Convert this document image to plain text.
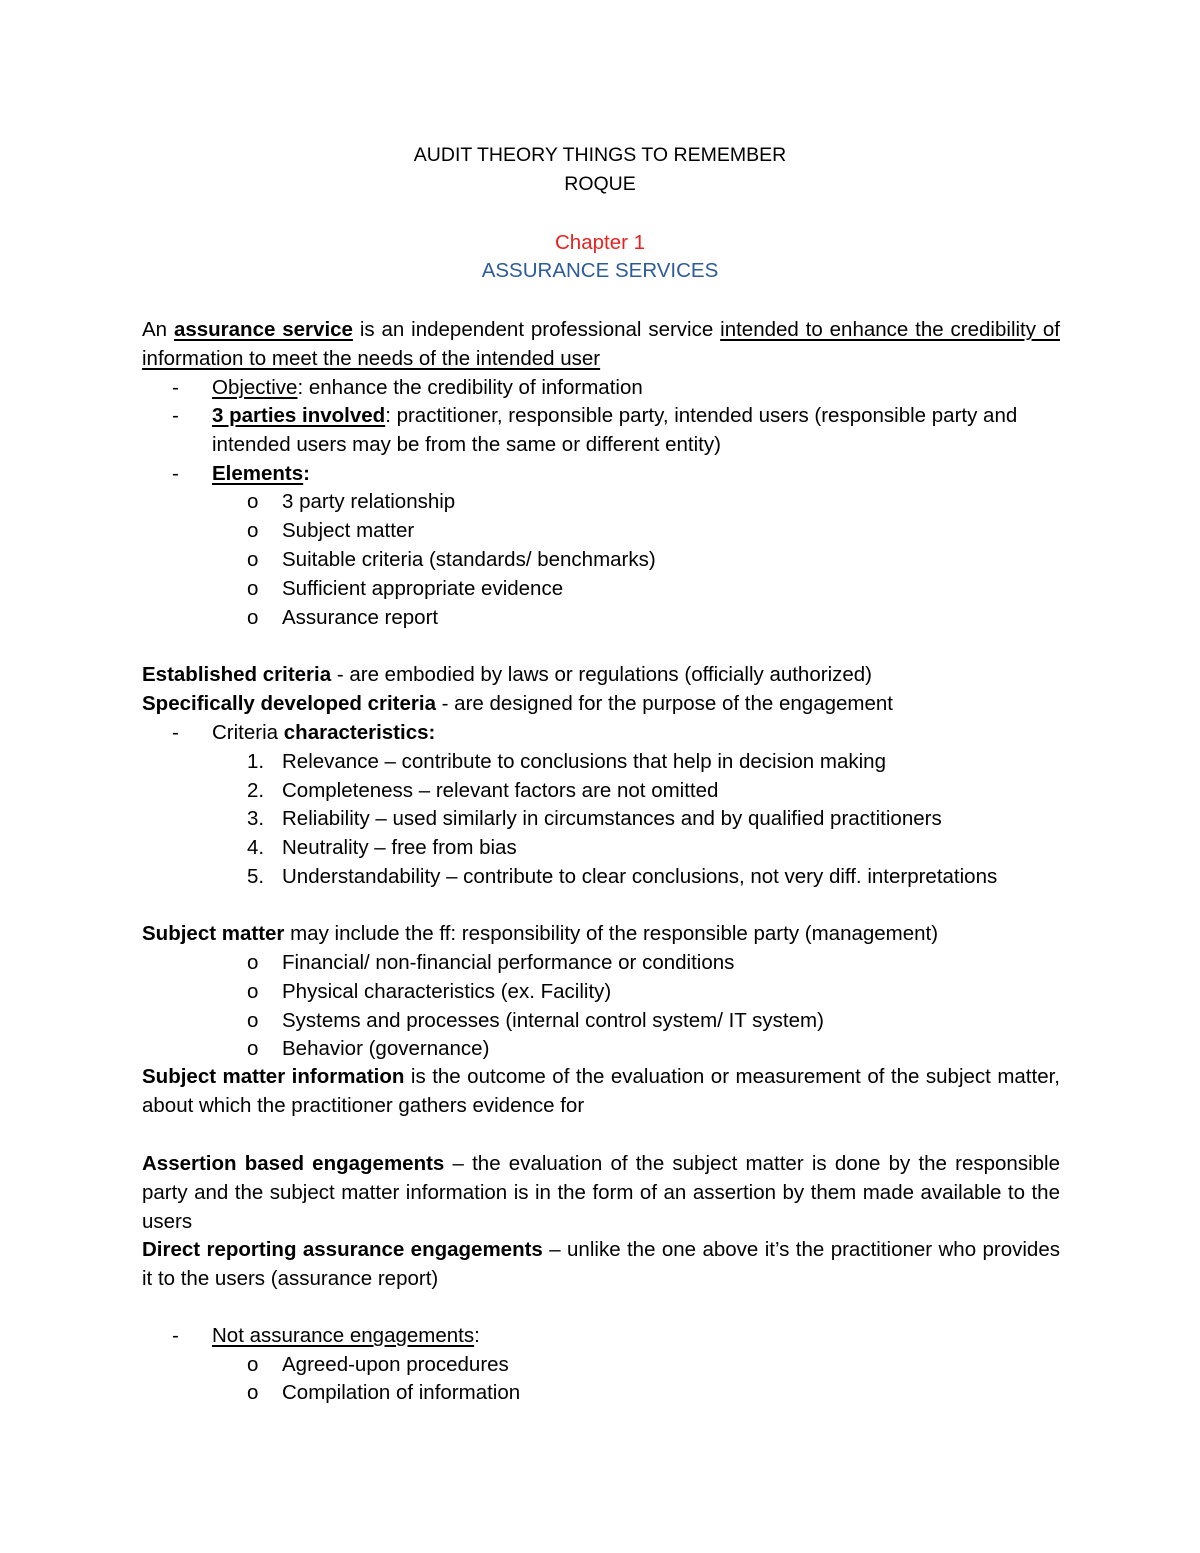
AUDIT THEORY THINGS TO REMEMBER
ROQUE
Chapter 1
ASSURANCE SERVICES
An assurance service is an independent professional service intended to enhance the credibility of information to meet the needs of the intended user
-	Objective: enhance the credibility of information
-	3 parties involved: practitioner, responsible party, intended users (responsible party and intended users may be from the same or different entity)
-	Elements:
o	3 party relationship
o	Subject matter
o	Suitable criteria (standards/ benchmarks)
o	Sufficient appropriate evidence
o	Assurance report
Established criteria - are embodied by laws or regulations (officially authorized)
Specifically developed criteria - are designed for the purpose of the engagement
-	Criteria characteristics:
1. Relevance – contribute to conclusions that help in decision making
2. Completeness – relevant factors are not omitted
3. Reliability – used similarly in circumstances and by qualified practitioners
4. Neutrality – free from bias
5. Understandability – contribute to clear conclusions, not very diff. interpretations
Subject matter may include the ff: responsibility of the responsible party (management)
o	Financial/ non-financial performance or conditions
o	Physical characteristics (ex. Facility)
o	Systems and processes (internal control system/ IT system)
o	Behavior (governance)
Subject matter information is the outcome of the evaluation or measurement of the subject matter, about which the practitioner gathers evidence for
Assertion based engagements – the evaluation of the subject matter is done by the responsible party and the subject matter information is in the form of an assertion by them made available to the users
Direct reporting assurance engagements – unlike the one above it’s the practitioner who provides it to the users (assurance report)
-	Not assurance engagements:
o	Agreed-upon procedures
o	Compilation of information
